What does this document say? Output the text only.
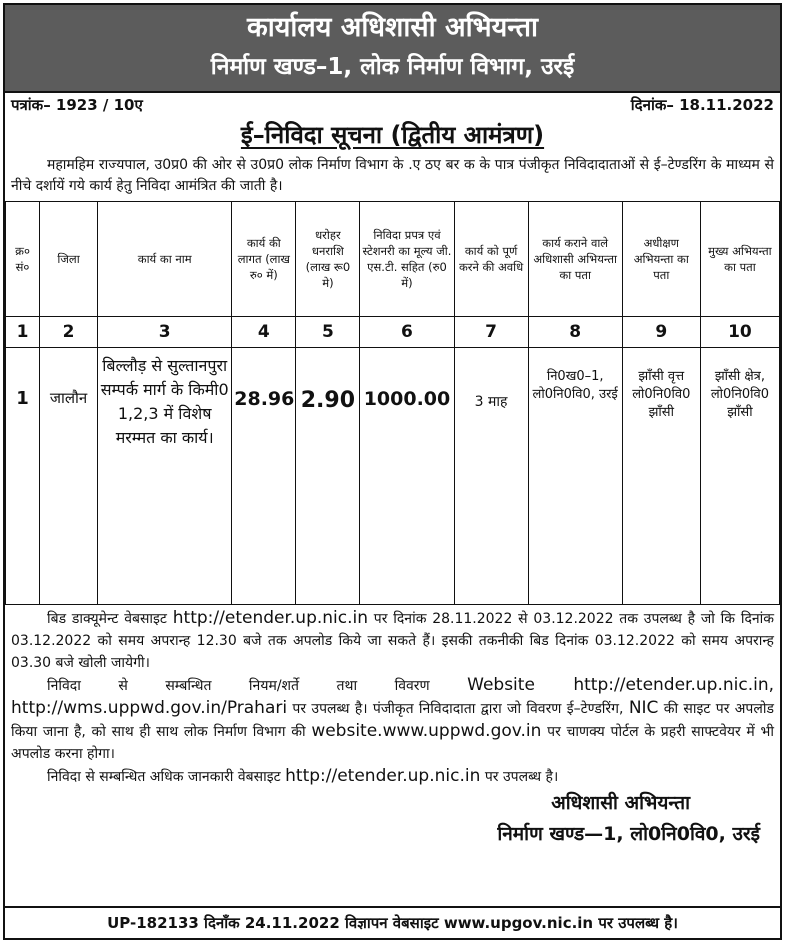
कार्यालय अधिशासी अभियन्ता
निर्माण खण्ड–1, लोक निर्माण विभाग, उरई
पत्रांक– 1923 / 10ए	दिनांक– 18.11.2022
ई–निविदा सूचना (द्वितीय आमंत्रण)
महामहिम राज्यपाल, उ0प्र0 की ओर से उ0प्र0 लोक निर्माण विभाग के .ए ठए बर क के पात्र पंजीकृत निविदादाताओं से ई–टेण्डरिंग के माध्यम से नीचे दर्शायें गये कार्य हेतु निविदा आमंत्रित की जाती है।
क्र० सं०	जिला	कार्य का नाम	कार्य की लागत (लाख रु० में)	धरोहर धनराशि (लाख रू0 मे)	निविदा प्रपत्र एवं स्टेशनरी का मूल्य जी. एस.टी. सहित (रु0 में)	कार्य को पूर्ण करने की अवधि	कार्य कराने वाले अधिशासी अभियन्ता का पता	अधीक्षण अभियन्ता का पता	मुख्य अभियन्ता का पता
1	2	3	4	5	6	7	8	9	10
1	जालौन	बिल्लौड़ से सुल्तानपुरा सम्पर्क मार्ग के किमी0 1,2,3 में विशेष मरम्मत का कार्य।	28.96	2.90	1000.00	3 माह	नि0ख0–1, लो0नि0वि0, उरई	झाँसी वृत्त लो0नि0वि0 झाँसी	झाँसी क्षेत्र, लो0नि0वि0 झाँसी

बिड डाक्यूमेन्ट वेबसाइट http://etender.up.nic.in पर दिनांक 28.11.2022 से 03.12.2022 तक उपलब्ध है जो कि दिनांक 03.12.2022 को समय अपरान्ह 12.30 बजे तक अपलोड किये जा सकते हैं। इसकी तकनीकी बिड दिनांक 03.12.2022 को समय अपरान्ह 03.30 बजे खोली जायेगी।

निविदा से सम्बन्धित नियम/शर्ते तथा विवरण Website http://etender.up.nic.in, http://wms.uppwd.gov.in/Prahari पर उपलब्ध है। पंजीकृत निविदादाता द्वारा जो विवरण ई–टेण्डरिंग, NIC की साइट पर अपलोड किया जाना है, को साथ ही साथ लोक निर्माण विभाग की website.www.uppwd.gov.in पर चाणक्य पोर्टल के प्रहरी साफ्टवेयर में भी अपलोड करना होगा।

निविदा से सम्बन्धित अधिक जानकारी वेबसाइट http://etender.up.nic.in पर उपलब्ध है।

अधिशासी अभियन्ता
निर्माण खण्ड—1, लो0नि0वि0, उरई
UP-182133 दिनाँक 24.11.2022 विज्ञापन वेबसाइट www.upgov.nic.in पर उपलब्ध है।
